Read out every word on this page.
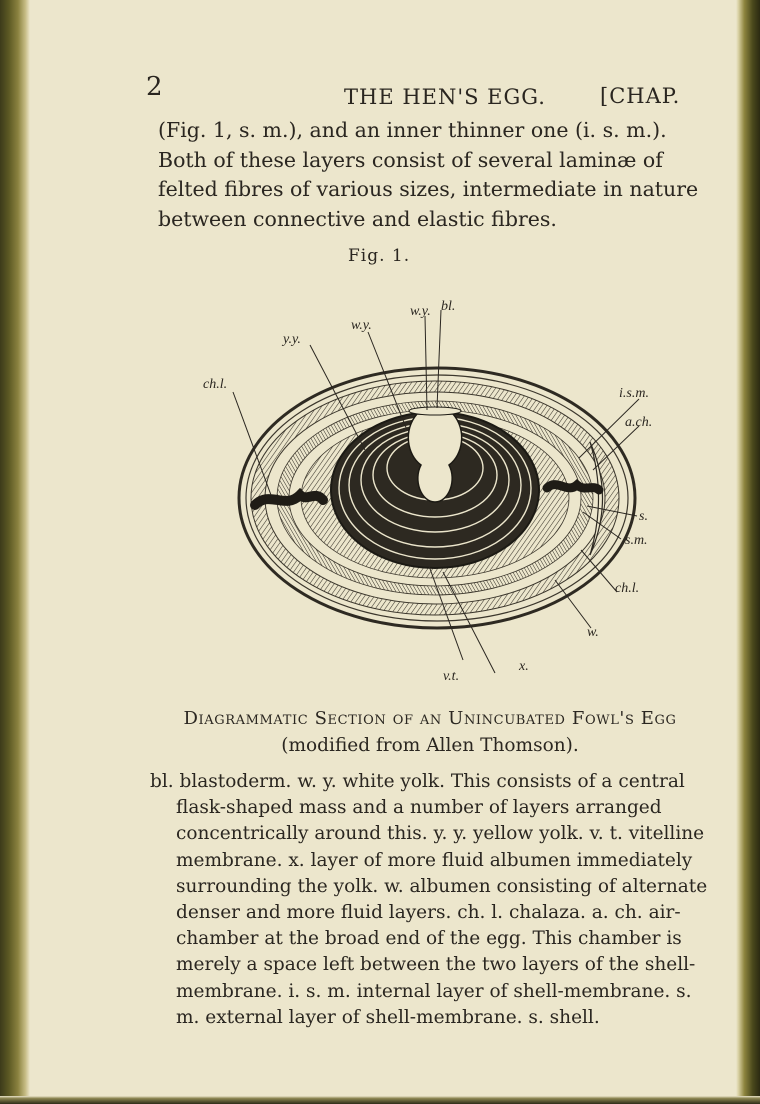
2	THE HEN'S EGG.	[CHAP.

(Fig. 1, s. m.), and an inner thinner one (i. s. m.). Both of these layers consist of several laminæ of felted fibres of various sizes, intermediate in nature between connective and elastic fibres.

Fig. 1.

w.y. bl.
w.y.
y.y.
ch.l.
i.s.m.
a.ch.
s.
s.m.
ch.l.
w.
v.t.
x.

Diagrammatic Section of an Unincubated Fowl's Egg

(modified from Allen Thomson).

bl. blastoderm. w. y. white yolk. This consists of a central flask-shaped mass and a number of layers arranged concentrically around this. y. y. yellow yolk. v. t. vitelline membrane. x. layer of more fluid albumen immediately surrounding the yolk. w. albumen consisting of alternate denser and more fluid layers. ch. l. chalaza. a. ch. air-chamber at the broad end of the egg. This chamber is merely a space left between the two layers of the shell-membrane. i. s. m. internal layer of shell-membrane. s. m. external layer of shell-membrane. s. shell.
